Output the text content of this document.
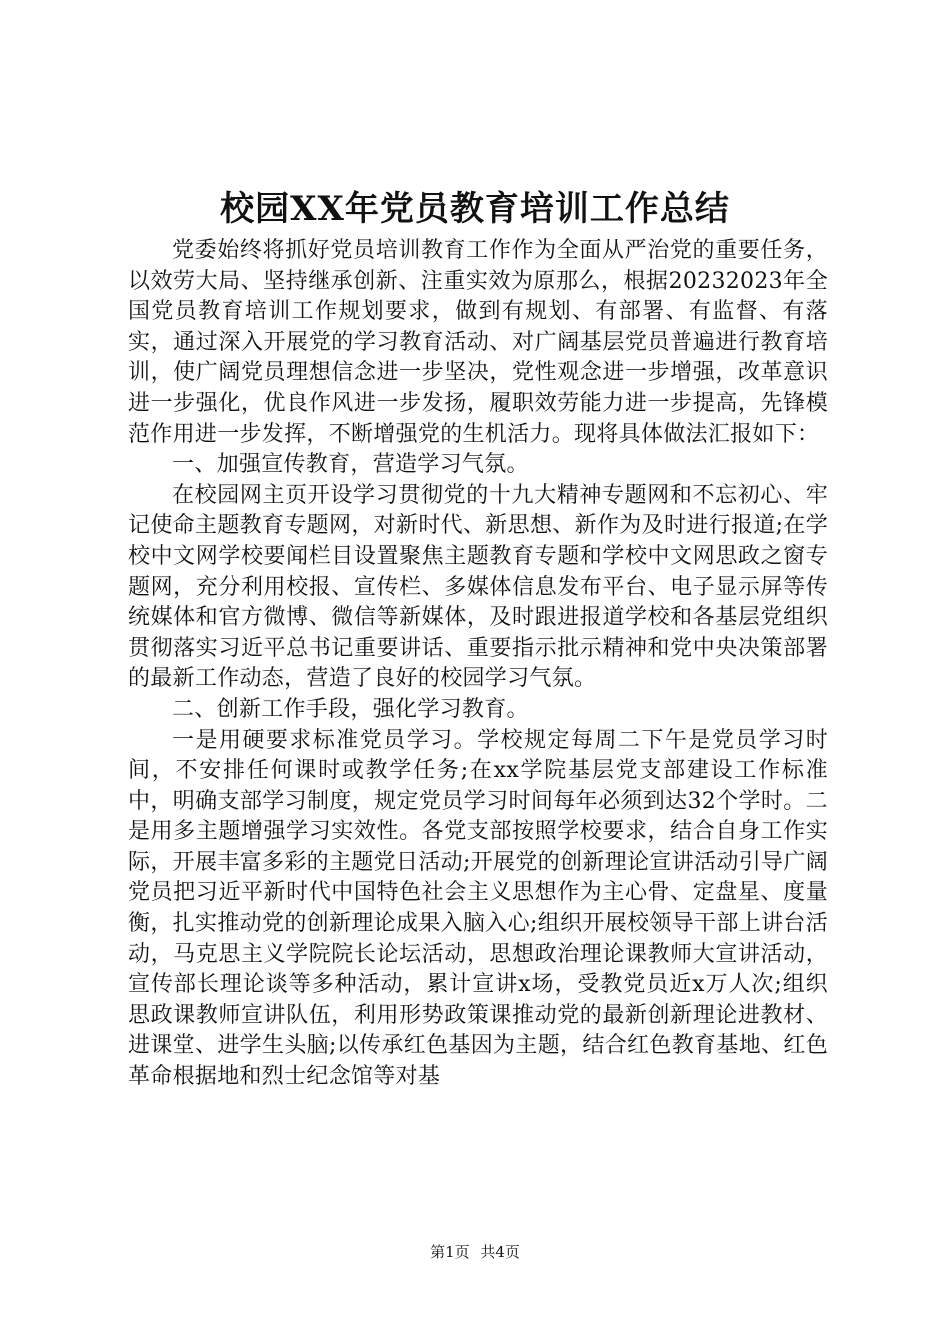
校园XX年党员教育培训工作总结

党委始终将抓好党员培训教育工作作为全面从严治党的重要任务，以效劳大局、坚持继承创新、注重实效为原那么，根据20232023年全国党员教育培训工作规划要求，做到有规划、有部署、有监督、有落实，通过深入开展党的学习教育活动、对广阔基层党员普遍进行教育培训，使广阔党员理想信念进一步坚决，党性观念进一步增强，改革意识进一步强化，优良作风进一步发扬，履职效劳能力进一步提高，先锋模范作用进一步发挥，不断增强党的生机活力。现将具体做法汇报如下：

一、加强宣传教育，营造学习气氛。

在校园网主页开设学习贯彻党的十九大精神专题网和不忘初心、牢记使命主题教育专题网，对新时代、新思想、新作为及时进行报道;在学校中文网学校要闻栏目设置聚焦主题教育专题和学校中文网思政之窗专题网，充分利用校报、宣传栏、多媒体信息发布平台、电子显示屏等传统媒体和官方微博、微信等新媒体，及时跟进报道学校和各基层党组织贯彻落实习近平总书记重要讲话、重要指示批示精神和党中央决策部署的最新工作动态，营造了良好的校园学习气氛。

二、创新工作手段，强化学习教育。

一是用硬要求标准党员学习。学校规定每周二下午是党员学习时间，不安排任何课时或教学任务;在xx学院基层党支部建设工作标准中，明确支部学习制度，规定党员学习时间每年必须到达32个学时。二是用多主题增强学习实效性。各党支部按照学校要求，结合自身工作实际，开展丰富多彩的主题党日活动;开展党的创新理论宣讲活动引导广阔党员把习近平新时代中国特色社会主义思想作为主心骨、定盘星、度量衡，扎实推动党的创新理论成果入脑入心;组织开展校领导干部上讲台活动，马克思主义学院院长论坛活动，思想政治理论课教师大宣讲活动，宣传部长理论谈等多种活动，累计宣讲x场，受教党员近x万人次;组织思政课教师宣讲队伍，利用形势政策课推动党的最新创新理论进教材、进课堂、进学生头脑;以传承红色基因为主题，结合红色教育基地、红色革命根据地和烈士纪念馆等对基

第1页 共4页
